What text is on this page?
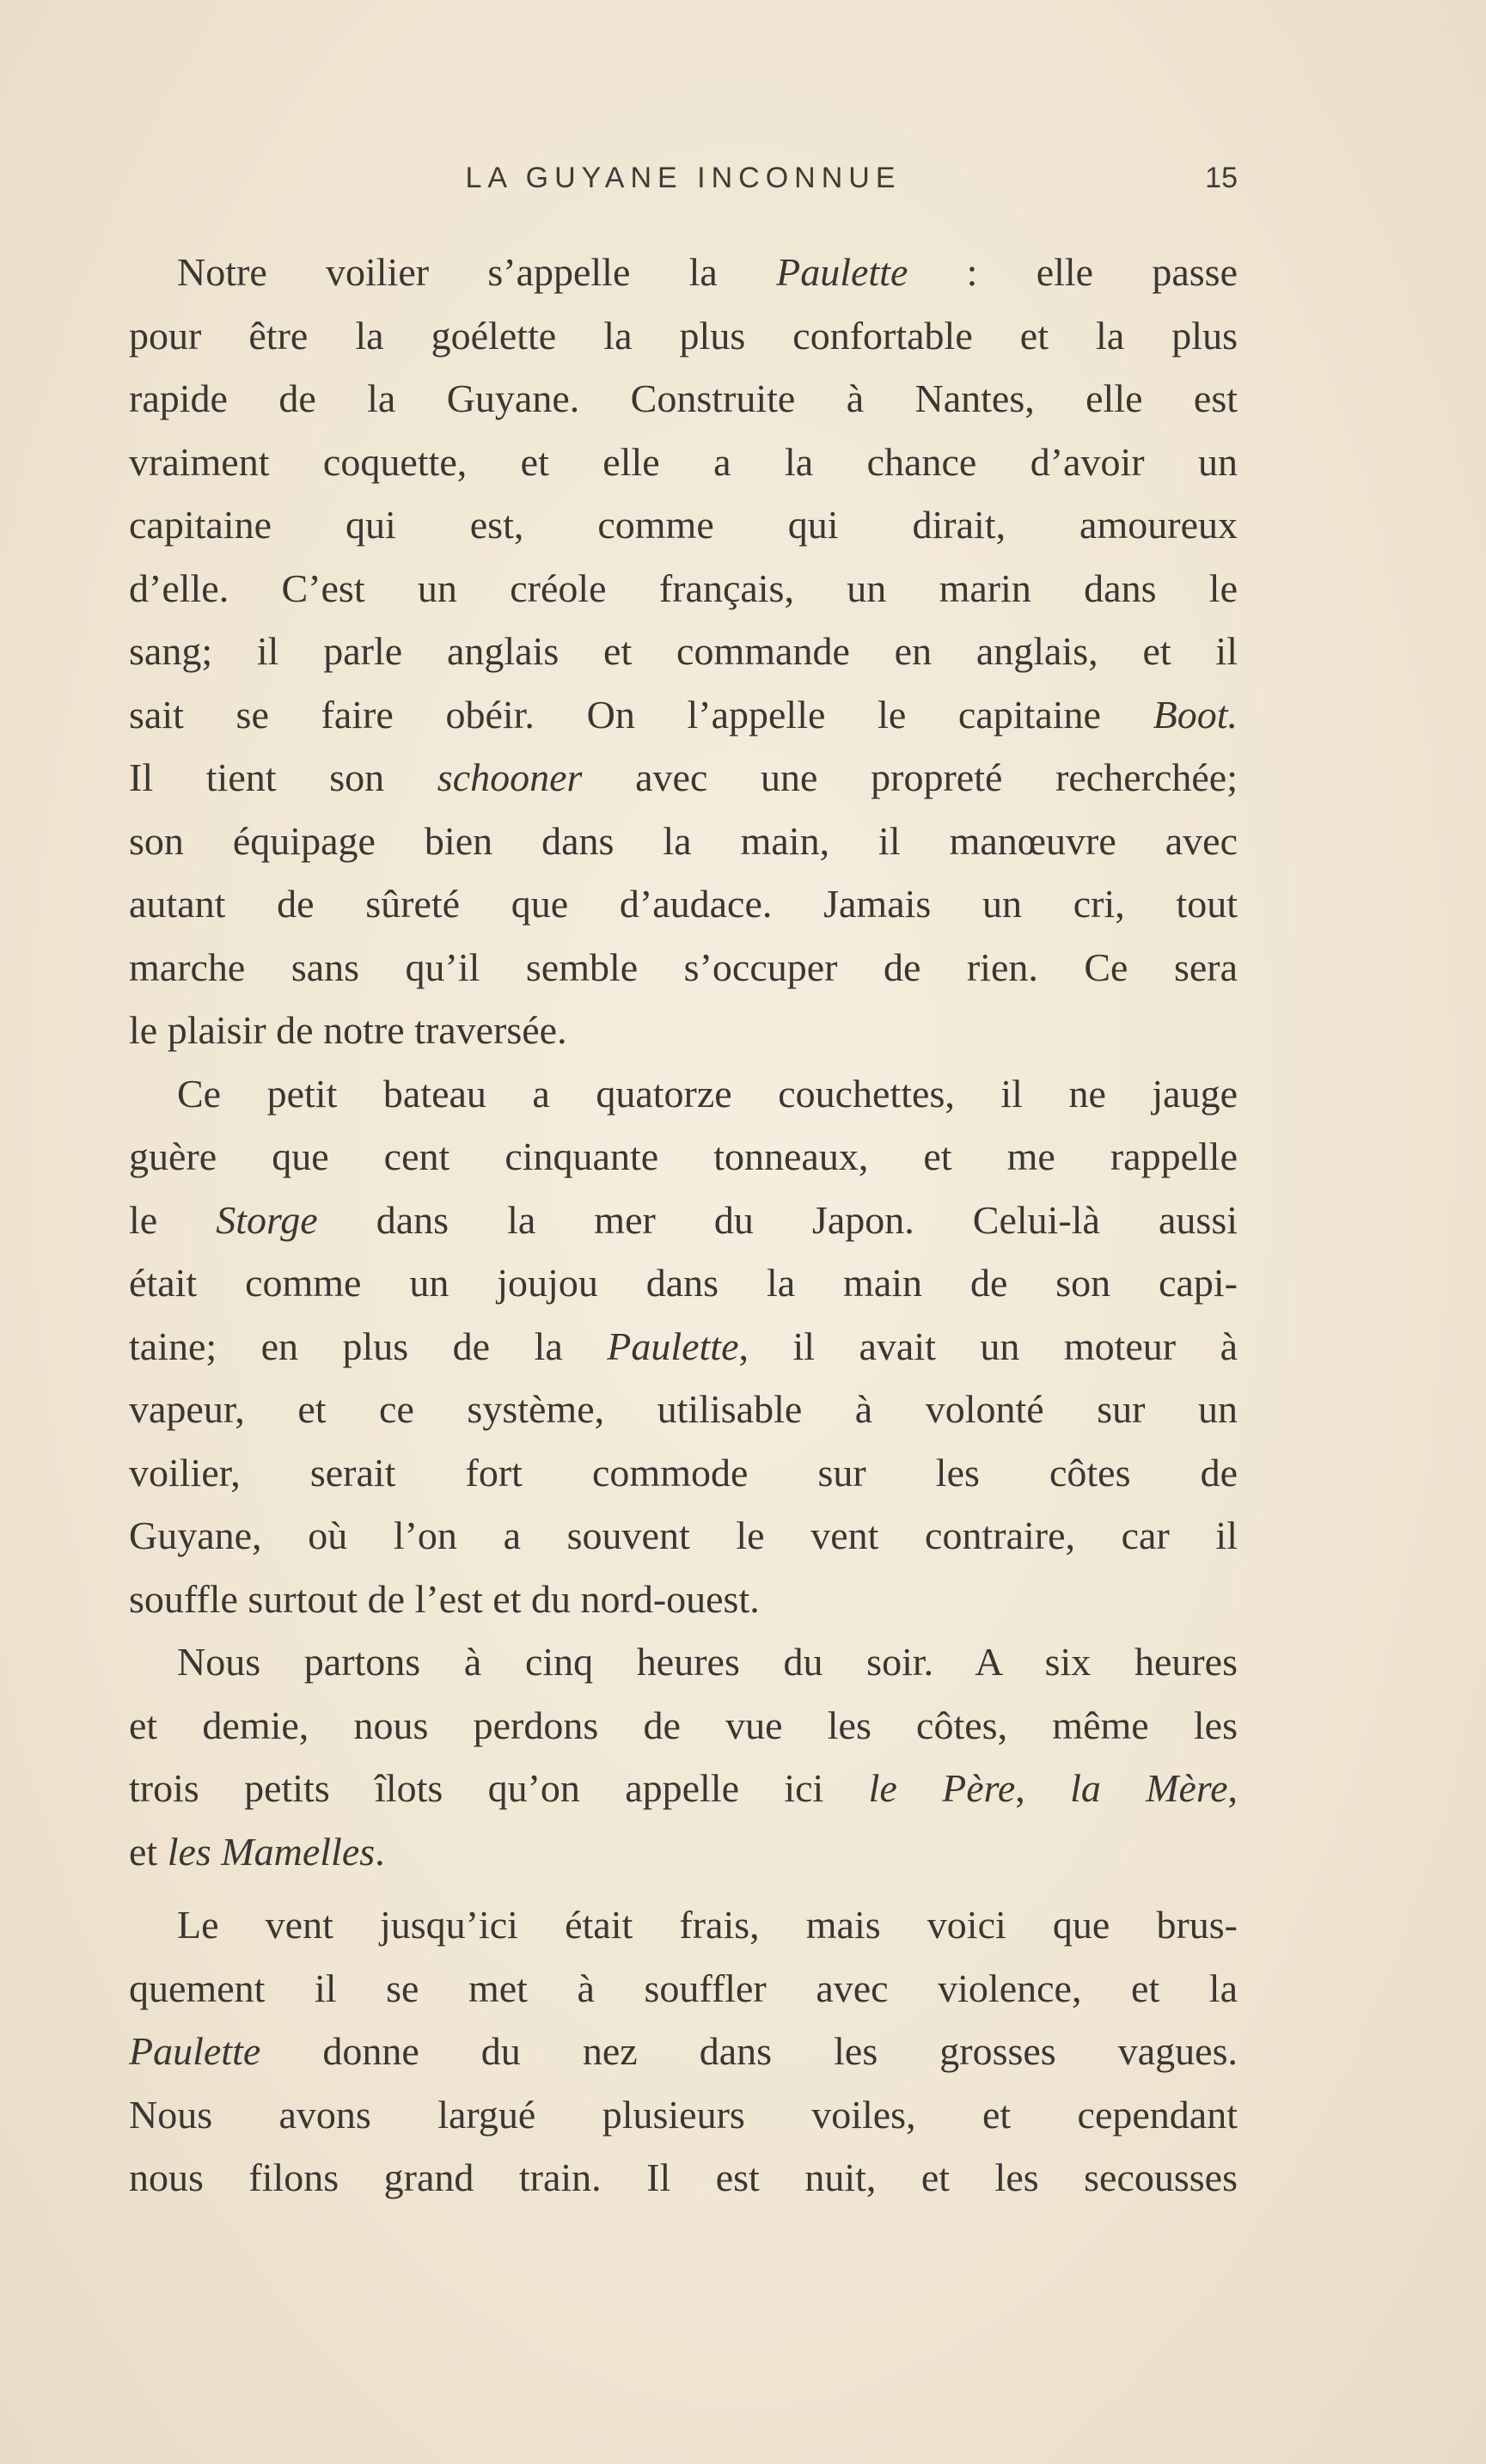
LA GUYANE INCONNUE	15
Notre voilier s’appelle la Paulette : elle passe
pour être la goélette la plus confortable et la plus
rapide de la Guyane. Construite à Nantes, elle est
vraiment coquette, et elle a la chance d’avoir un
capitaine qui est, comme qui dirait, amoureux
d’elle. C’est un créole français, un marin dans le
sang; il parle anglais et commande en anglais, et il
sait se faire obéir. On l’appelle le capitaine Boot.
Il tient son schooner avec une propreté recherchée;
son équipage bien dans la main, il manœuvre avec
autant de sûreté que d’audace. Jamais un cri, tout
marche sans qu’il semble s’occuper de rien. Ce sera
le plaisir de notre traversée.
Ce petit bateau a quatorze couchettes, il ne jauge
guère que cent cinquante tonneaux, et me rappelle
le Storge dans la mer du Japon. Celui-là aussi
était comme un joujou dans la main de son capi-
taine; en plus de la Paulette, il avait un moteur à
vapeur, et ce système, utilisable à volonté sur un
voilier, serait fort commode sur les côtes de
Guyane, où l’on a souvent le vent contraire, car il
souffle surtout de l’est et du nord-ouest.
Nous partons à cinq heures du soir. A six heures
et demie, nous perdons de vue les côtes, même les
trois petits îlots qu’on appelle ici le Père, la Mère,
et les Mamelles.
Le vent jusqu’ici était frais, mais voici que brus-
quement il se met à souffler avec violence, et la
Paulette donne du nez dans les grosses vagues.
Nous avons largué plusieurs voiles, et cependant
nous filons grand train. Il est nuit, et les secousses
